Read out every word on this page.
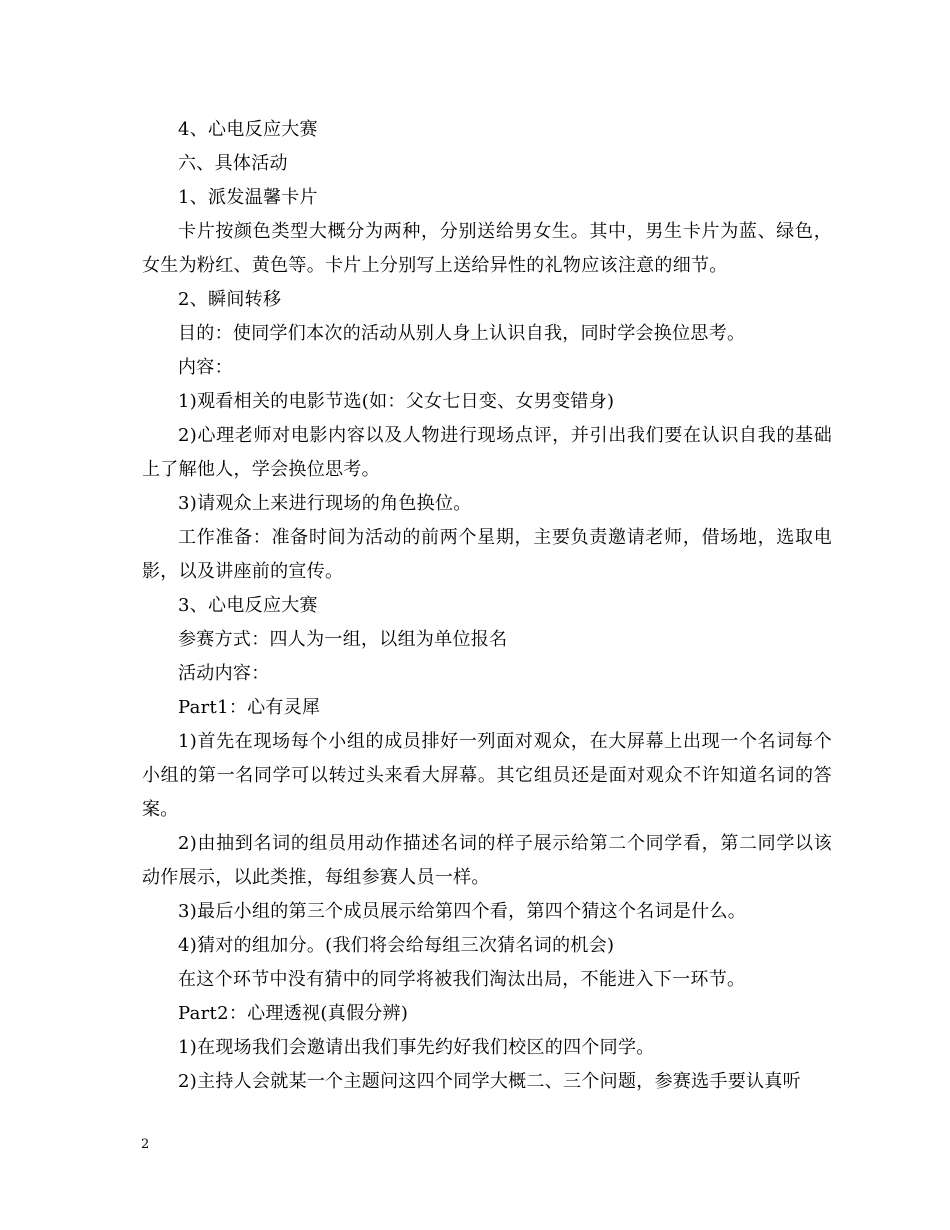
4、心电反应大赛

六、具体活动

1、派发温馨卡片

卡片按颜色类型大概分为两种，分别送给男女生。其中，男生卡片为蓝、绿色，女生为粉红、黄色等。卡片上分别写上送给异性的礼物应该注意的细节。

2、瞬间转移

目的：使同学们本次的活动从别人身上认识自我，同时学会换位思考。

内容：

1)观看相关的电影节选(如：父女七日变、女男变错身)

2)心理老师对电影内容以及人物进行现场点评，并引出我们要在认识自我的基础上了解他人，学会换位思考。

3)请观众上来进行现场的角色换位。

工作准备：准备时间为活动的前两个星期，主要负责邀请老师，借场地，选取电影，以及讲座前的宣传。

3、心电反应大赛

参赛方式：四人为一组，以组为单位报名

活动内容：

Part1：心有灵犀

1)首先在现场每个小组的成员排好一列面对观众，在大屏幕上出现一个名词每个小组的第一名同学可以转过头来看大屏幕。其它组员还是面对观众不许知道名词的答案。

2)由抽到名词的组员用动作描述名词的样子展示给第二个同学看，第二同学以该动作展示，以此类推，每组参赛人员一样。

3)最后小组的第三个成员展示给第四个看，第四个猜这个名词是什么。

4)猜对的组加分。(我们将会给每组三次猜名词的机会)

在这个环节中没有猜中的同学将被我们淘汰出局，不能进入下一环节。

Part2：心理透视(真假分辨)

1)在现场我们会邀请出我们事先约好我们校区的四个同学。

2)主持人会就某一个主题问这四个同学大概二、三个问题，参赛选手要认真听

2
